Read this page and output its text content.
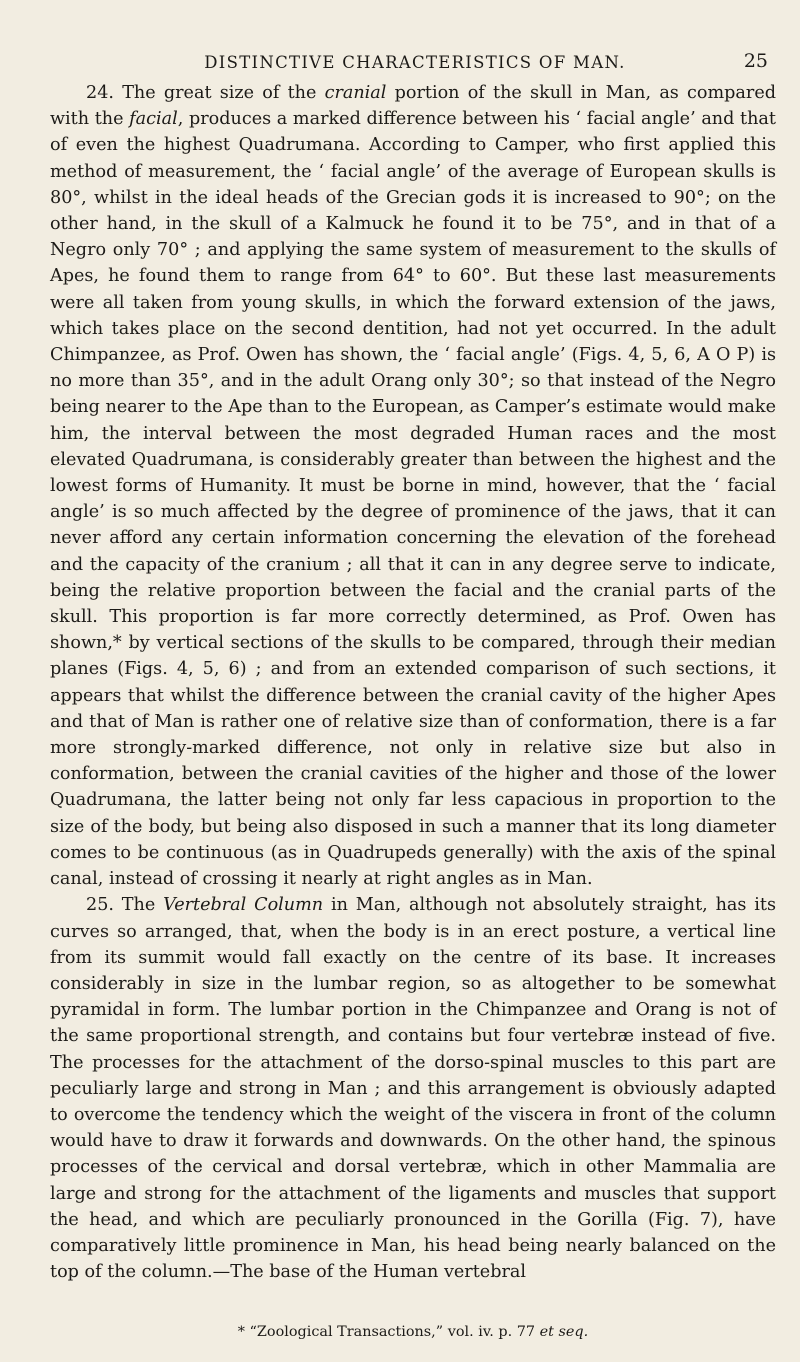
DISTINCTIVE CHARACTERISTICS OF MAN.	25

24. The great size of the cranial portion of the skull in Man, as compared with the facial, produces a marked difference between his ‘ facial angle’ and that of even the highest Quadrumana. According to Camper, who first applied this method of measurement, the ‘ facial angle’ of the average of European skulls is 80°, whilst in the ideal heads of the Grecian gods it is increased to 90°; on the other hand, in the skull of a Kalmuck he found it to be 75°, and in that of a Negro only 70° ; and applying the same system of measurement to the skulls of Apes, he found them to range from 64° to 60°. But these last measurements were all taken from young skulls, in which the forward extension of the jaws, which takes place on the second dentition, had not yet occurred. In the adult Chimpanzee, as Prof. Owen has shown, the ‘ facial angle’ (Figs. 4, 5, 6, A O P) is no more than 35°, and in the adult Orang only 30°; so that instead of the Negro being nearer to the Ape than to the European, as Camper’s estimate would make him, the interval between the most degraded Human races and the most elevated Quadrumana, is considerably greater than between the highest and the lowest forms of Humanity. It must be borne in mind, however, that the ‘ facial angle’ is so much affected by the degree of prominence of the jaws, that it can never afford any certain information concerning the elevation of the forehead and the capacity of the cranium ; all that it can in any degree serve to indicate, being the relative proportion between the facial and the cranial parts of the skull. This proportion is far more correctly determined, as Prof. Owen has shown,* by vertical sections of the skulls to be compared, through their median planes (Figs. 4, 5, 6) ; and from an extended comparison of such sections, it appears that whilst the difference between the cranial cavity of the higher Apes and that of Man is rather one of relative size than of conformation, there is a far more strongly-marked difference, not only in relative size but also in conformation, between the cranial cavities of the higher and those of the lower Quadrumana, the latter being not only far less capacious in proportion to the size of the body, but being also disposed in such a manner that its long diameter comes to be continuous (as in Quadrupeds generally) with the axis of the spinal canal, instead of crossing it nearly at right angles as in Man.

25. The Vertebral Column in Man, although not absolutely straight, has its curves so arranged, that, when the body is in an erect posture, a vertical line from its summit would fall exactly on the centre of its base. It increases considerably in size in the lumbar region, so as altogether to be somewhat pyramidal in form. The lumbar portion in the Chimpanzee and Orang is not of the same proportional strength, and contains but four vertebræ instead of five. The processes for the attachment of the dorso-spinal muscles to this part are peculiarly large and strong in Man ; and this arrangement is obviously adapted to overcome the tendency which the weight of the viscera in front of the column would have to draw it forwards and downwards. On the other hand, the spinous processes of the cervical and dorsal vertebræ, which in other Mammalia are large and strong for the attachment of the ligaments and muscles that support the head, and which are peculiarly pronounced in the Gorilla (Fig. 7), have comparatively little prominence in Man, his head being nearly balanced on the top of the column.—The base of the Human vertebral

* “Zoological Transactions,” vol. iv. p. 77 et seq.
